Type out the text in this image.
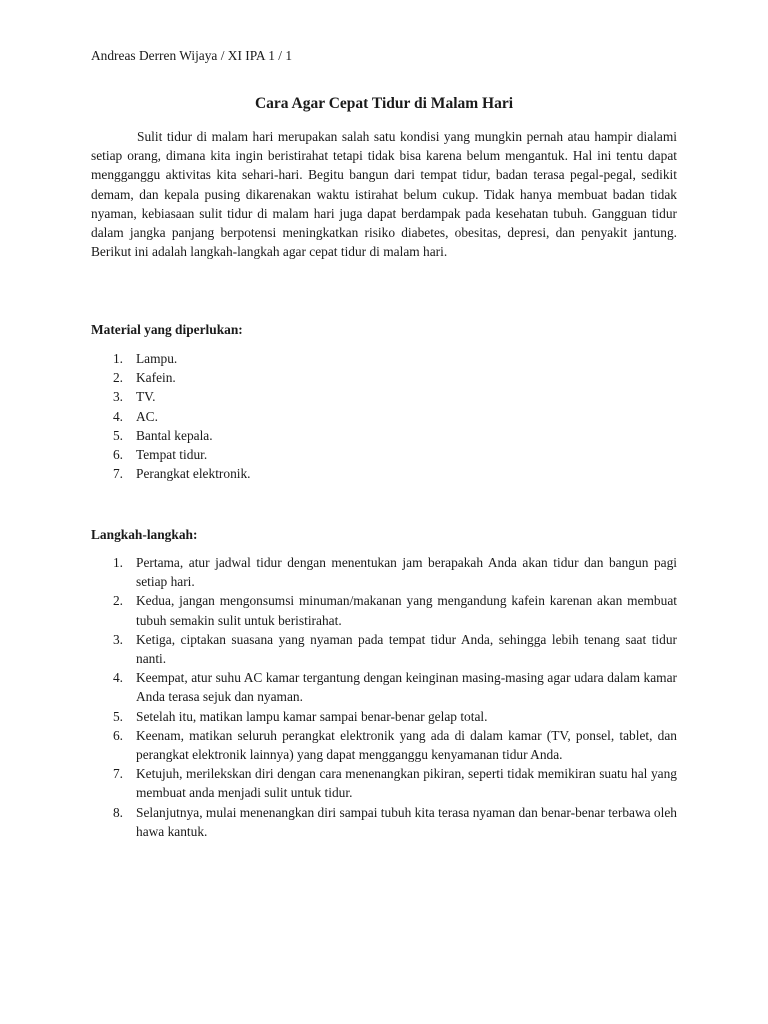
Andreas Derren Wijaya / XI IPA 1 / 1

Cara Agar Cepat Tidur di Malam Hari

Sulit tidur di malam hari merupakan salah satu kondisi yang mungkin pernah atau hampir dialami setiap orang, dimana kita ingin beristirahat tetapi tidak bisa karena belum mengantuk. Hal ini tentu dapat mengganggu aktivitas kita sehari-hari. Begitu bangun dari tempat tidur, badan terasa pegal-pegal, sedikit demam, dan kepala pusing dikarenakan waktu istirahat belum cukup. Tidak hanya membuat badan tidak nyaman, kebiasaan sulit tidur di malam hari juga dapat berdampak pada kesehatan tubuh. Gangguan tidur dalam jangka panjang berpotensi meningkatkan risiko diabetes, obesitas, depresi, dan penyakit jantung. Berikut ini adalah langkah-langkah agar cepat tidur di malam hari.

Material yang diperlukan:

1. Lampu.
2. Kafein.
3. TV.
4. AC.
5. Bantal kepala.
6. Tempat tidur.
7. Perangkat elektronik.

Langkah-langkah:

1. Pertama, atur jadwal tidur dengan menentukan jam berapakah Anda akan tidur dan bangun pagi setiap hari.
2. Kedua, jangan mengonsumsi minuman/makanan yang mengandung kafein karenan akan membuat tubuh semakin sulit untuk beristirahat.
3. Ketiga, ciptakan suasana yang nyaman pada tempat tidur Anda, sehingga lebih tenang saat tidur nanti.
4. Keempat, atur suhu AC kamar tergantung dengan keinginan masing-masing agar udara dalam kamar Anda terasa sejuk dan nyaman.
5. Setelah itu, matikan lampu kamar sampai benar-benar gelap total.
6. Keenam, matikan seluruh perangkat elektronik yang ada di dalam kamar (TV, ponsel, tablet, dan perangkat elektronik lainnya) yang dapat mengganggu kenyamanan tidur Anda.
7. Ketujuh, merilekskan diri dengan cara menenangkan pikiran, seperti tidak memikiran suatu hal yang membuat anda menjadi sulit untuk tidur.
8. Selanjutnya, mulai menenangkan diri sampai tubuh kita terasa nyaman dan benar-benar terbawa oleh hawa kantuk.
